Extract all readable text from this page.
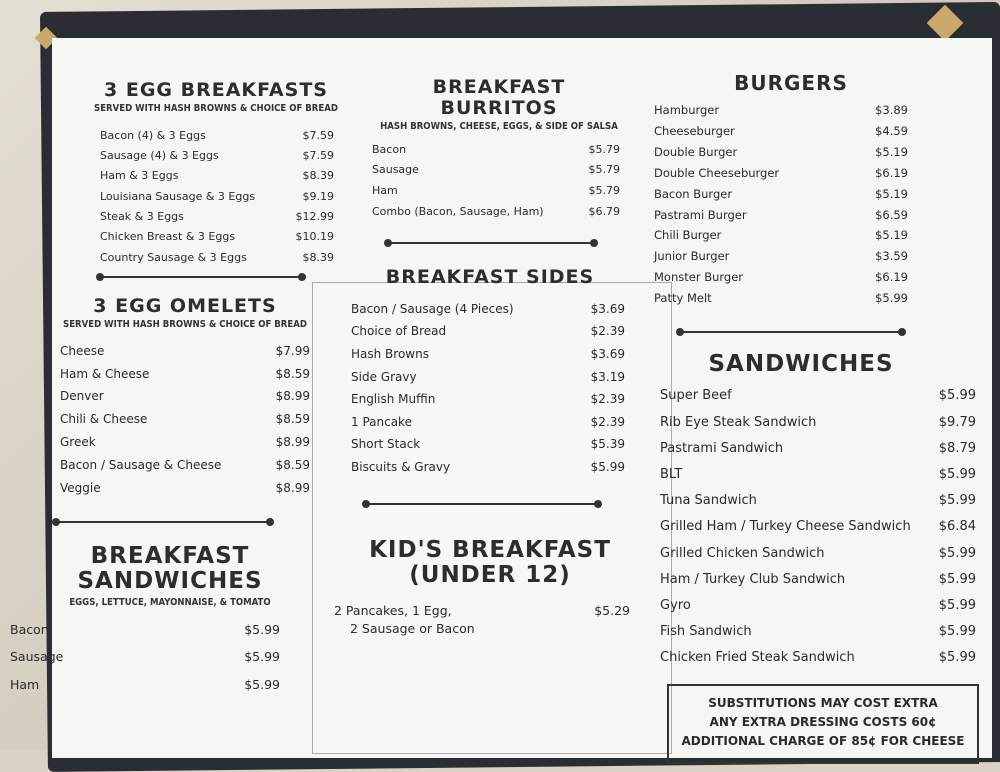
3 EGG BREAKFASTS
SERVED WITH HASH BROWNS & CHOICE OF BREAD
Bacon (4) & 3 Eggs	$7.59
Sausage (4) & 3 Eggs	$7.59
Ham & 3 Eggs	$8.39
Louisiana Sausage & 3 Eggs	$9.19
Steak & 3 Eggs	$12.99
Chicken Breast & 3 Eggs	$10.19
Country Sausage & 3 Eggs	$8.39
3 EGG OMELETS
SERVED WITH HASH BROWNS & CHOICE OF BREAD
Cheese	$7.99
Ham & Cheese	$8.59
Denver	$8.99
Chili & Cheese	$8.59
Greek	$8.99
Bacon / Sausage & Cheese	$8.59
Veggie	$8.99
BREAKFAST
SANDWICHES
EGGS, LETTUCE, MAYONNAISE, & TOMATO
Bacon	$5.99
Sausage	$5.99
Ham	$5.99
BREAKFAST
BURRITOS
HASH BROWNS, CHEESE, EGGS, & SIDE OF SALSA
Bacon	$5.79
Sausage	$5.79
Ham	$5.79
Combo (Bacon, Sausage, Ham)	$6.79
BREAKFAST SIDES
Bacon / Sausage (4 Pieces)	$3.69
Choice of Bread	$2.39
Hash Browns	$3.69
Side Gravy	$3.19
English Muffin	$2.39
1 Pancake	$2.39
Short Stack	$5.39
Biscuits & Gravy	$5.99
KID'S BREAKFAST
(UNDER 12)
2 Pancakes, 1 Egg,
2 Sausage or Bacon
$5.29
BURGERS
Hamburger	$3.89
Cheeseburger	$4.59
Double Burger	$5.19
Double Cheeseburger	$6.19
Bacon Burger	$5.19
Pastrami Burger	$6.59
Chili Burger	$5.19
Junior Burger	$3.59
Monster Burger	$6.19
Patty Melt	$5.99
SANDWICHES
Super Beef	$5.99
Rib Eye Steak Sandwich	$9.79
Pastrami Sandwich	$8.79
BLT	$5.99
Tuna Sandwich	$5.99
Grilled Ham / Turkey Cheese Sandwich $6.84
Grilled Chicken Sandwich	$5.99
Ham / Turkey Club Sandwich	$5.99
Gyro	$5.99
Fish Sandwich	$5.99
Chicken Fried Steak Sandwich	$5.99
SUBSTITUTIONS MAY COST EXTRA
ANY EXTRA DRESSING COSTS 60¢
ADDITIONAL CHARGE OF 85¢ FOR CHEESE
